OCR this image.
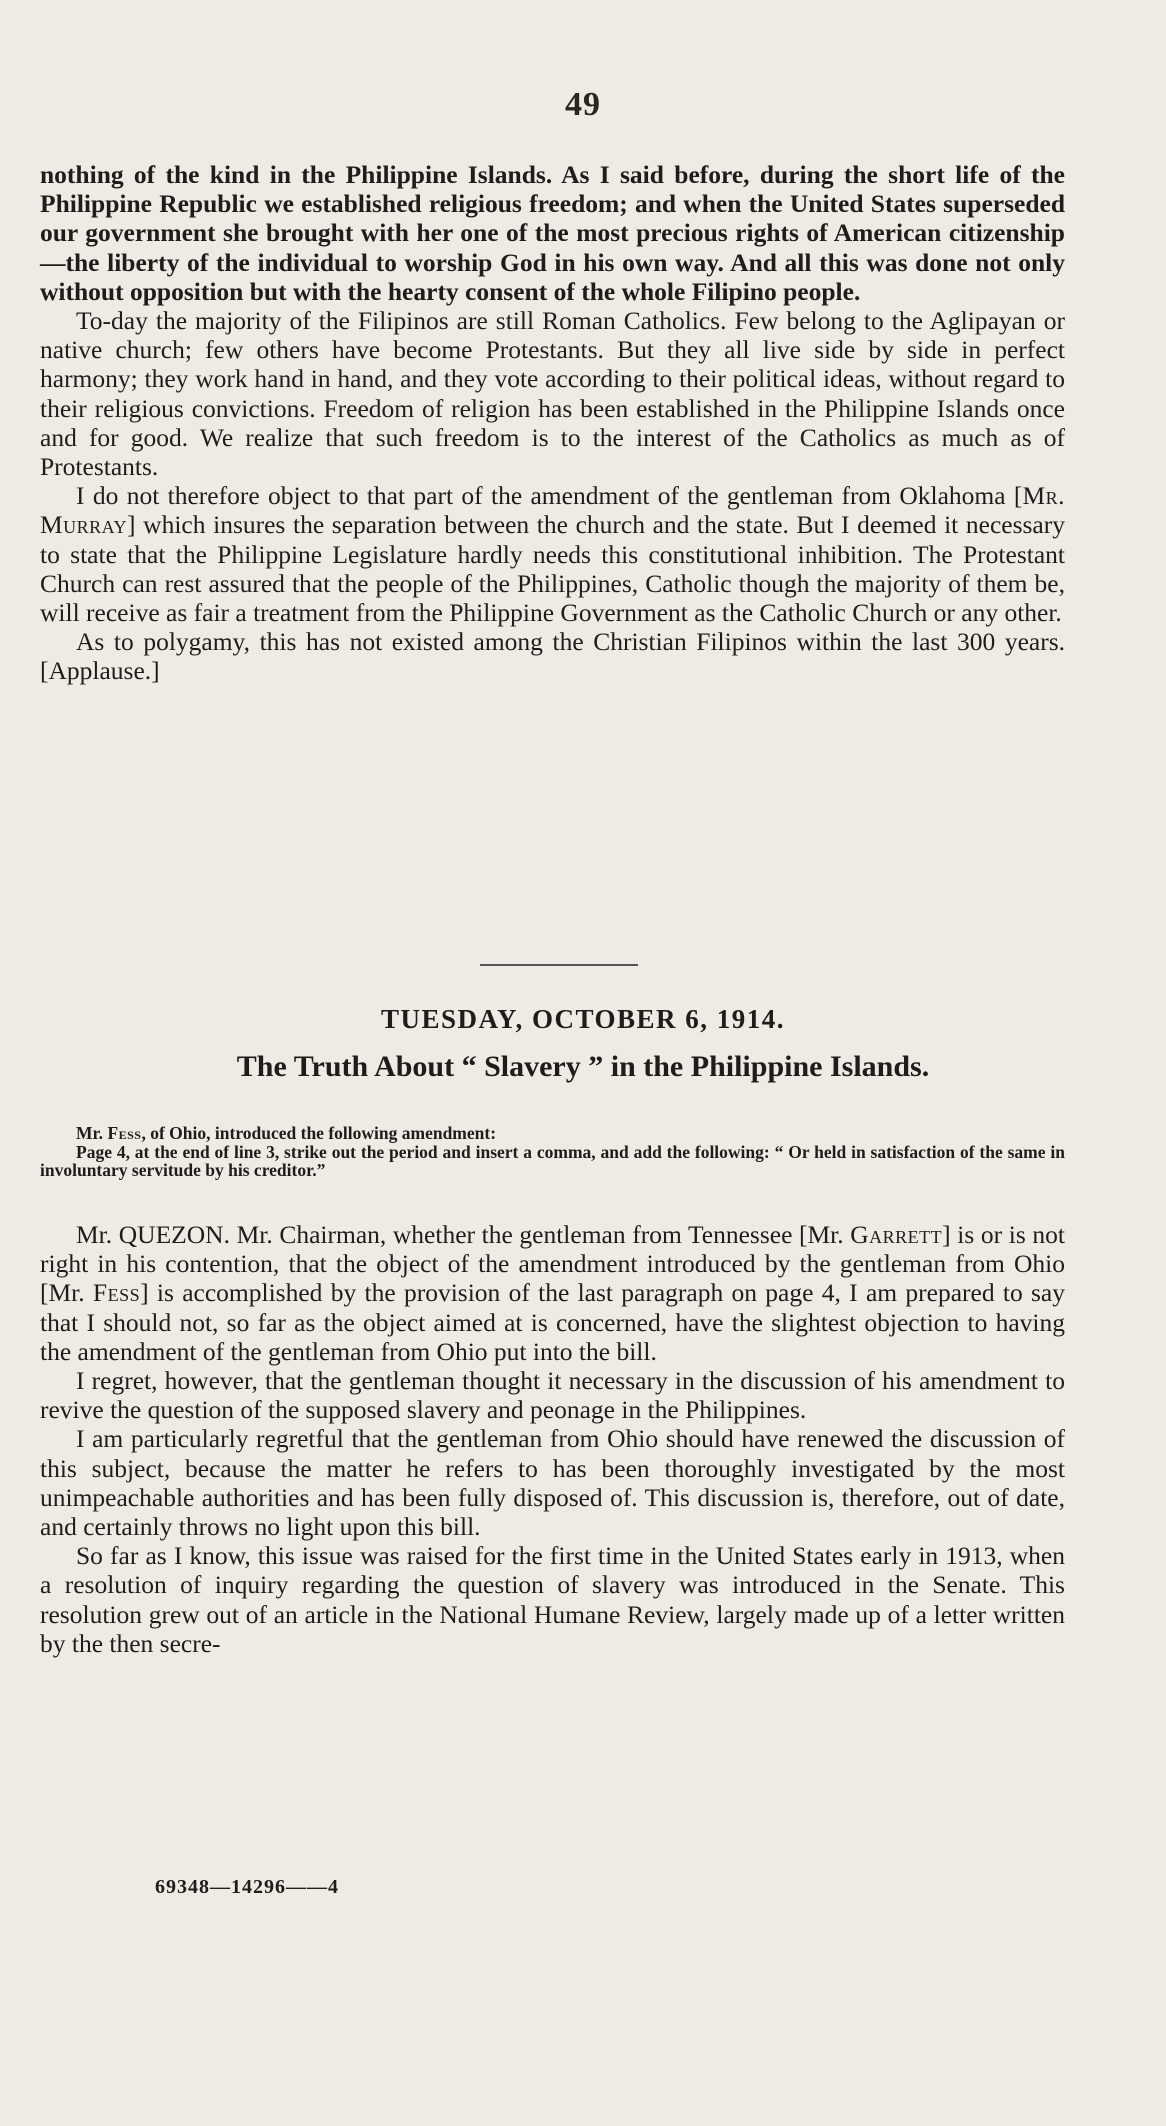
49

nothing of the kind in the Philippine Islands. As I said before, during the short life of the Philippine Republic we established religious freedom; and when the United States superseded our government she brought with her one of the most precious rights of American citizenship—the liberty of the individual to worship God in his own way. And all this was done not only without opposition but with the hearty consent of the whole Filipino people.

To-day the majority of the Filipinos are still Roman Catholics. Few belong to the Aglipayan or native church; few others have become Protestants. But they all live side by side in perfect harmony; they work hand in hand, and they vote according to their political ideas, without regard to their religious convictions. Freedom of religion has been established in the Philippine Islands once and for good. We realize that such freedom is to the interest of the Catholics as much as of Protestants.

I do not therefore object to that part of the amendment of the gentleman from Oklahoma [Mr. Murray] which insures the separation between the church and the state. But I deemed it necessary to state that the Philippine Legislature hardly needs this constitutional inhibition. The Protestant Church can rest assured that the people of the Philippines, Catholic though the majority of them be, will receive as fair a treatment from the Philippine Government as the Catholic Church or any other.

As to polygamy, this has not existed among the Christian Filipinos within the last 300 years. [Applause.]

TUESDAY, OCTOBER 6, 1914.
The Truth About “ Slavery ” in the Philippine Islands.

Mr. Fess, of Ohio, introduced the following amendment:

Page 4, at the end of line 3, strike out the period and insert a comma, and add the following: “ Or held in satisfaction of the same in involuntary servitude by his creditor.”

Mr. QUEZON. Mr. Chairman, whether the gentleman from Tennessee [Mr. Garrett] is or is not right in his contention, that the object of the amendment introduced by the gentleman from Ohio [Mr. Fess] is accomplished by the provision of the last paragraph on page 4, I am prepared to say that I should not, so far as the object aimed at is concerned, have the slightest objection to having the amendment of the gentleman from Ohio put into the bill.

I regret, however, that the gentleman thought it necessary in the discussion of his amendment to revive the question of the supposed slavery and peonage in the Philippines.

I am particularly regretful that the gentleman from Ohio should have renewed the discussion of this subject, because the matter he refers to has been thoroughly investigated by the most unimpeachable authorities and has been fully disposed of. This discussion is, therefore, out of date, and certainly throws no light upon this bill.

So far as I know, this issue was raised for the first time in the United States early in 1913, when a resolution of inquiry regarding the question of slavery was introduced in the Senate. This resolution grew out of an article in the National Humane Review, largely made up of a letter written by the then secre-

69348—14296——4
